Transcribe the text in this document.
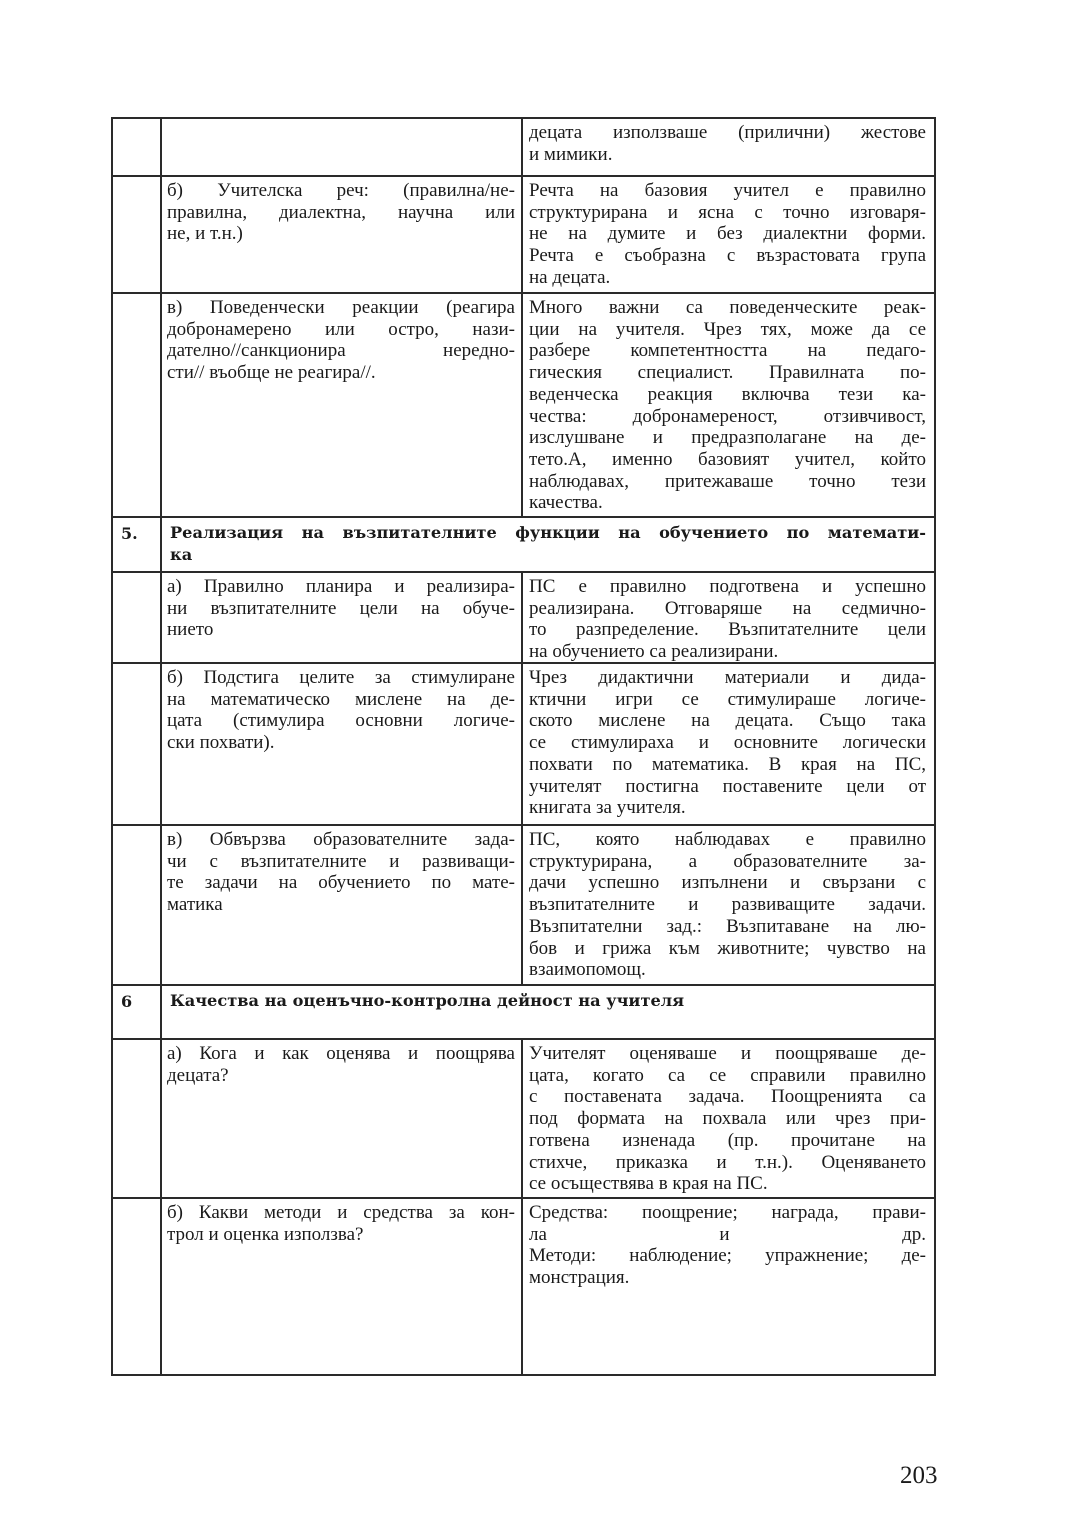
децата използваше (прилични) жестове
и мимики.
б) Учителска реч: (правилна/не-
правилна, диалектна, научна или
не, и т.н.)
Речта на базовия учител е правилно
структурирана и ясна с точно изговаря-
не на думите и без диалектни форми.
Речта е съобразна с възрастовата група
на децата.
в) Поведенчески реакции (реагира
добронамерено или остро, нази-
дателно//санкционира нередно-
сти// въобще не реагира//.
Много важни са поведенческите реак-
ции на учителя. Чрез тях, може да се
разбере компетентността на педаго-
гическия специалист. Правилната по-
веденческа реакция включва тези ка-
чества: добронамереност, отзивчивост,
изслушване и предразполагане на де-
тето.А, именно базовият учител, който
наблюдавах, притежаваше точно тези
качества.
5.	Реализация на възпитателните функции на обучението по математи-
ка
а) Правилно планира и реализира-
ни възпитателните цели на обуче-
нието
ПС е правилно подготвена и успешно
реализирана. Отговаряше на седмично-
то разпределение. Възпитателните цели
на обучението са реализирани.
б) Подстига целите за стимулиране
на математическо мислене на де-
цата (стимулира основни логиче-
ски похвати).
Чрез дидактични материали и дида-
ктични игри се стимулираше логиче-
ското мислене на децата. Също така
се стимулираха и основните логически
похвати по математика. В края на ПС,
учителят постигна поставените цели от
книгата за учителя.
в) Обвързва образователните зада-
чи с възпитателните и развиващи-
те задачи на обучението по мате-
матика
ПС, която наблюдавах е правилно
структурирана, а образователните за-
дачи успешно изпълнени и свързани с
възпитателните и развиващите задачи.
Възпитателни зад.: Възпитаване на лю-
бов и грижа към животните; чувство на
взаимопомощ.
6	Качества на оценъчно-контролна дейност на учителя
а) Кога и как оценява и поощрява
децата?
Учителят оценяваше и поощряваше де-
цата, когато са се справили правилно
с поставената задача. Поощренията са
под формата на похвала или чрез при-
готвена изненада (пр. прочитане на
стихче, приказка и т.н.). Оценяването
се осъществява в края на ПС.
б) Какви методи и средства за кон-
трол и оценка използва?
Средства: поощрение; награда, прави-
ла и др.
Методи: наблюдение; упражнение; де-
монстрация.
203
